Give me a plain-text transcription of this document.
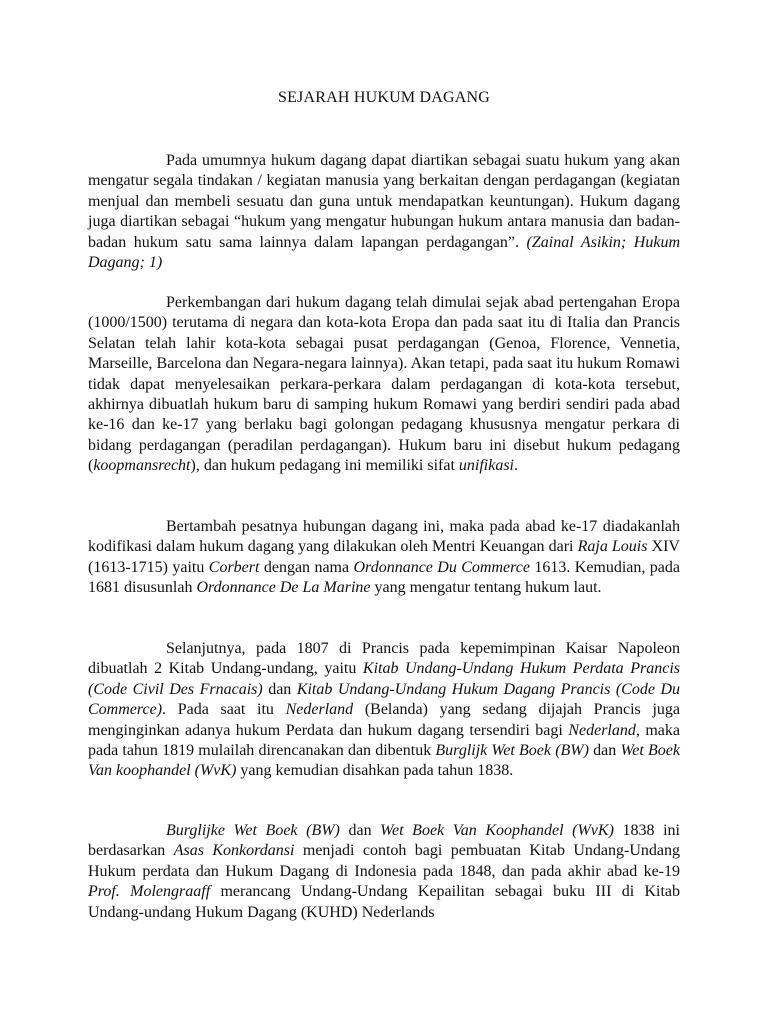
SEJARAH HUKUM DAGANG

Pada umumnya hukum dagang dapat diartikan sebagai suatu hukum yang akan mengatur segala tindakan / kegiatan manusia yang berkaitan dengan perdagangan (kegiatan menjual dan membeli sesuatu dan guna untuk mendapatkan keuntungan). Hukum dagang juga diartikan sebagai “hukum yang mengatur hubungan hukum antara manusia dan badan-badan hukum satu sama lainnya dalam lapangan perdagangan”. (Zainal Asikin; Hukum Dagang; 1)

Perkembangan dari hukum dagang telah dimulai sejak abad pertengahan Eropa (1000/1500) terutama di negara dan kota-kota Eropa dan pada saat itu di Italia dan Prancis Selatan telah lahir kota-kota sebagai pusat perdagangan (Genoa, Florence, Vennetia, Marseille, Barcelona dan Negara-negara lainnya). Akan tetapi, pada saat itu hukum Romawi tidak dapat menyelesaikan perkara-perkara dalam perdagangan di kota-kota tersebut, akhirnya dibuatlah hukum baru di samping hukum Romawi yang berdiri sendiri pada abad ke-16 dan ke-17 yang berlaku bagi golongan pedagang khususnya mengatur perkara di bidang perdagangan (peradilan perdagangan). Hukum baru ini disebut hukum pedagang (koopmansrecht), dan hukum pedagang ini memiliki sifat unifikasi.

Bertambah pesatnya hubungan dagang ini, maka pada abad ke-17 diadakanlah kodifikasi dalam hukum dagang yang dilakukan oleh Mentri Keuangan dari Raja Louis XIV (1613-1715) yaitu Corbert dengan nama Ordonnance Du Commerce 1613. Kemudian, pada 1681 disusunlah Ordonnance De La Marine yang mengatur tentang hukum laut.

Selanjutnya, pada 1807 di Prancis pada kepemimpinan Kaisar Napoleon dibuatlah 2 Kitab Undang-undang, yaitu Kitab Undang-Undang Hukum Perdata Prancis (Code Civil Des Frnacais) dan Kitab Undang-Undang Hukum Dagang Prancis (Code Du Commerce). Pada saat itu Nederland (Belanda) yang sedang dijajah Prancis juga menginginkan adanya hukum Perdata dan hukum dagang tersendiri bagi Nederland, maka pada tahun 1819 mulailah direncanakan dan dibentuk Burglijk Wet Boek (BW) dan Wet Boek Van koophandel (WvK) yang kemudian disahkan pada tahun 1838.

Burglijke Wet Boek (BW) dan Wet Boek Van Koophandel (WvK) 1838 ini berdasarkan Asas Konkordansi menjadi contoh bagi pembuatan Kitab Undang-Undang Hukum perdata dan Hukum Dagang di Indonesia pada 1848, dan pada akhir abad ke-19 Prof. Molengraaff merancang Undang-Undang Kepailitan sebagai buku III di Kitab Undang-undang Hukum Dagang (KUHD) Nederlands
